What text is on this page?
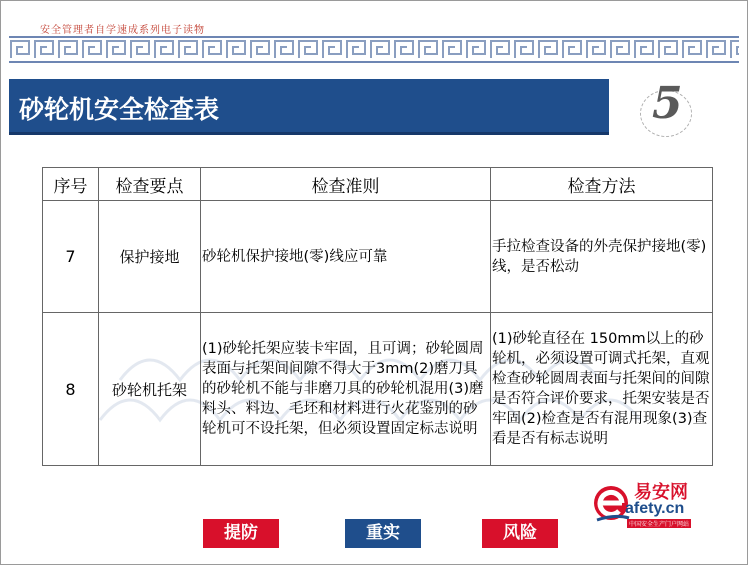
安全管理者自学速成系列电子读物
砂轮机安全检查表	5
序号	检查要点	检查准则	检查方法
7	保护接地	砂轮机保护接地(零)线应可靠	手拉检查设备的外壳保护接地(零)线，是否松动
8	砂轮机托架	(1)砂轮托架应装卡牢固，且可调；砂轮圆周表面与托架间间隙不得大于3mm(2)磨刀具的砂轮机不能与非磨刀具的砂轮机混用(3)磨料头、料边、毛坯和材料进行火花鉴别的砂轮机可不设托架，但必须设置固定标志说明	(1)砂轮直径在 150mm以上的砂轮机，必须设置可调式托架，直观检查砂轮圆周表面与托架间的间隙是否符合评价要求，托架安装是否牢固(2)检查是否有混用现象(3)查看是否有标志说明
易安网
afety.cn
中国安全生产门户网站
提防	重实	风险
